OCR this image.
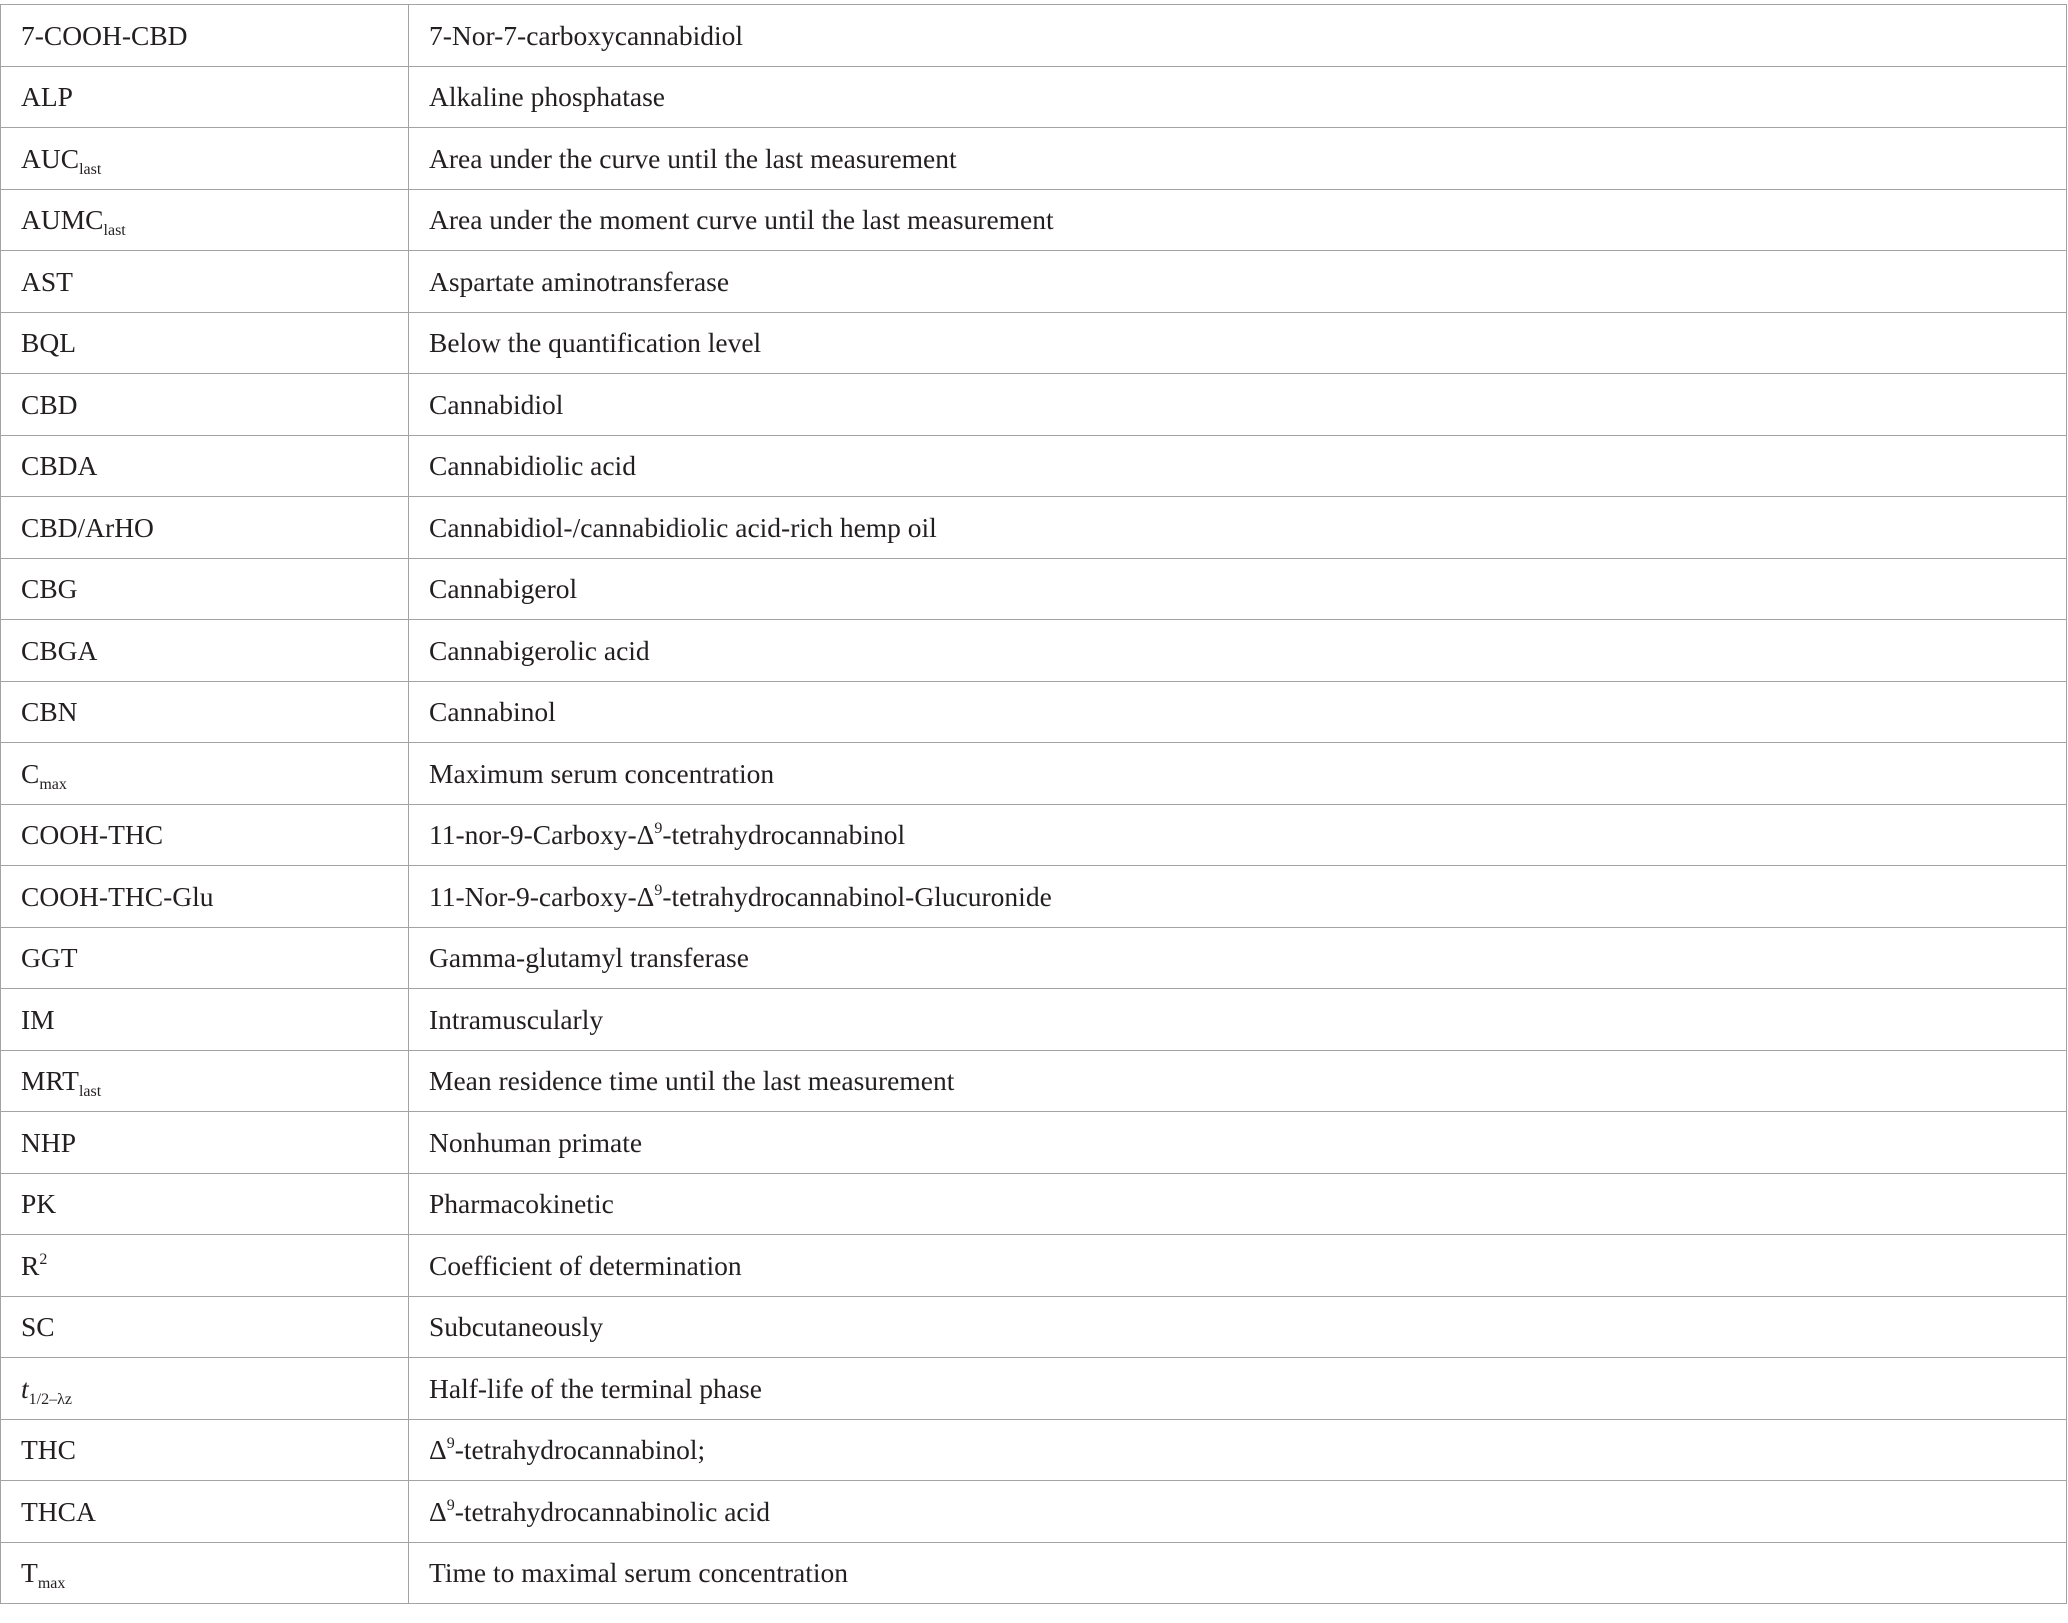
7-COOH-CBD	7-Nor-7-carboxycannabidiol
ALP	Alkaline phosphatase
$AUC_{last}$	Area under the curve until the last measurement
$AUMC_{last}$	Area under the moment curve until the last measurement
AST	Aspartate aminotransferase
BQL	Below the quantification level
CBD	Cannabidiol
CBDA	Cannabidiolic acid
CBD/ArHO	Cannabidiol-/cannabidiolic acid-rich hemp oil
CBG	Cannabigerol
CBGA	Cannabigerolic acid
CBN	Cannabinol
$C_{max}$	Maximum serum concentration
COOH-THC	$11-nor-9-Carboxy-\Delta^9$-tetrahydrocannabinol
COOH-THC-Glu	$11-Nor-9-carboxy-\Delta^9-tetrahydrocannabinol$-Glucuronide
GGT	Gamma-glutamyl transferase
IM	Intramuscularly
$MRT_{last}$	Mean residence time until the last measurement
NHP	Nonhuman primate
PK	Pharmacokinetic
$R^2$	Coefficient of determination
SC	Subcutaneously
$t_{1/2-\lambda z}$	Half-life of the terminal phase
THC	$\Delta^9$-tetrahydrocannabinol;
THCA	$\Delta^9$-tetrahydrocannabinolic acid
$T_{max}$	Time to maximal serum concentration
